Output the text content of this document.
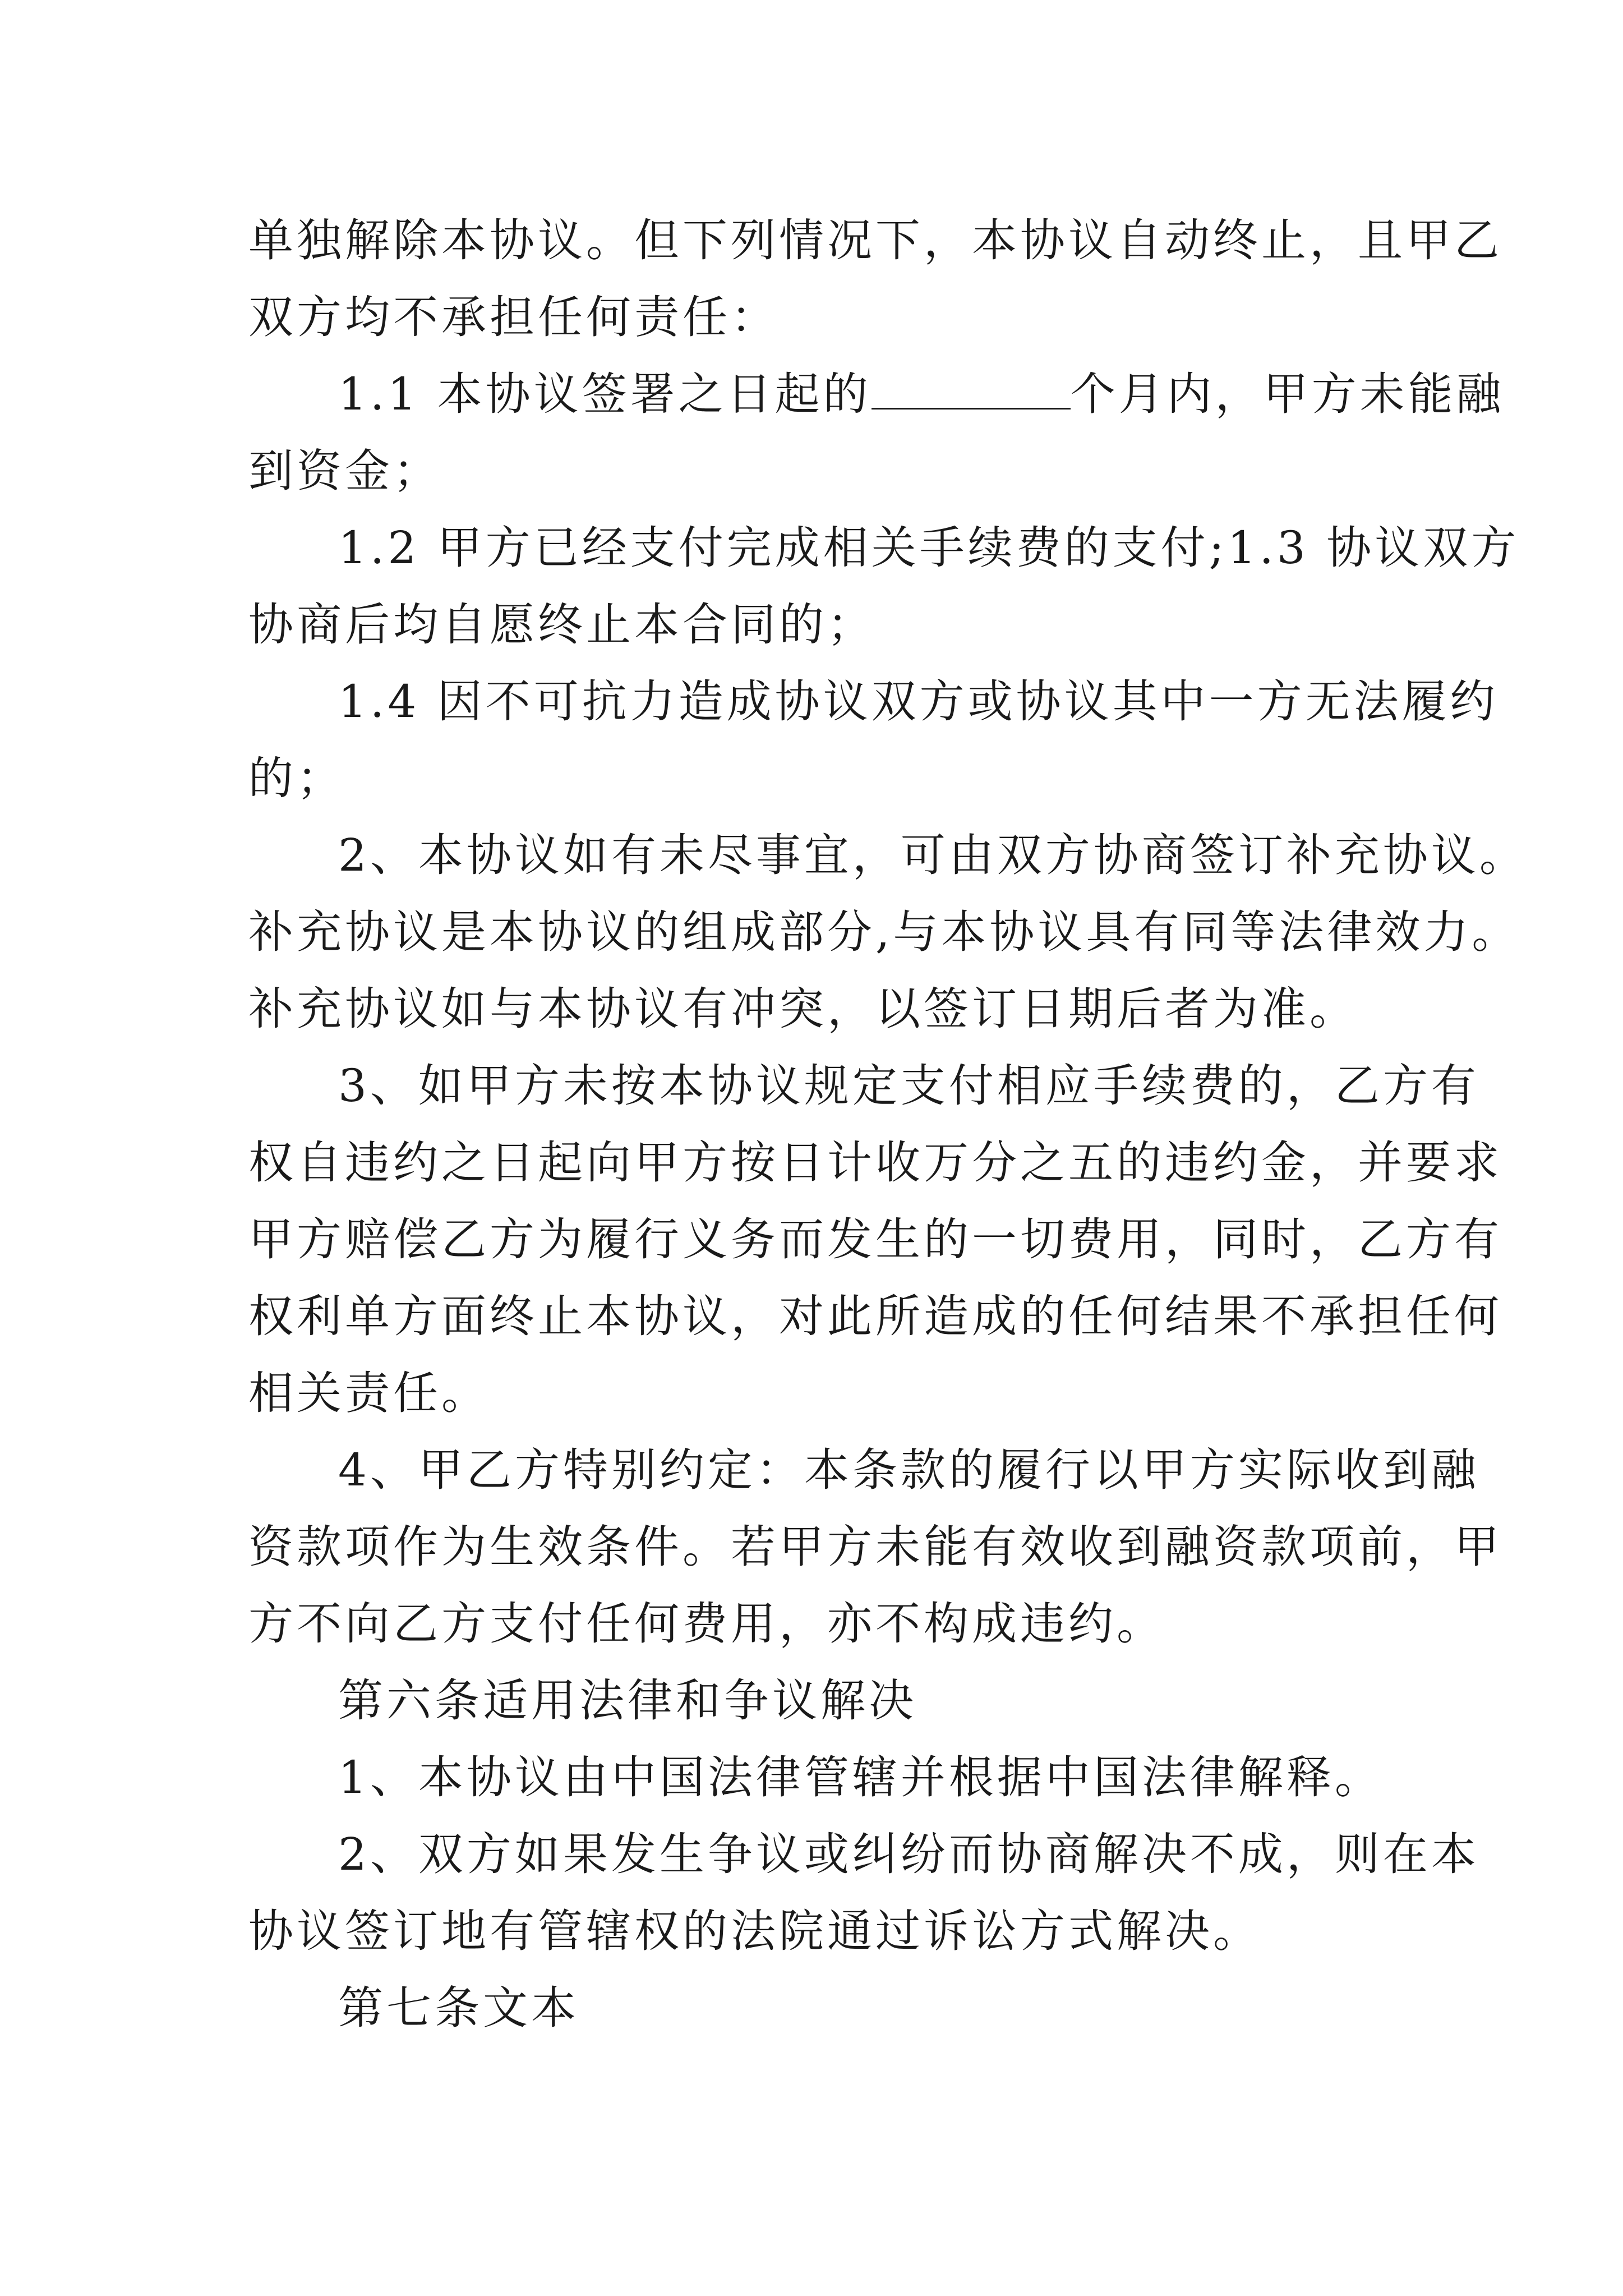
单独解除本协议。但下列情况下，本协议自动终止，且甲乙
双方均不承担任何责任：
1.1 本协议签署之日起的	个月内，甲方未能融
到资金；
1.2 甲方已经支付完成相关手续费的支付;1.3 协议双方
协商后均自愿终止本合同的；
1.4 因不可抗力造成协议双方或协议其中一方无法履约
的；
2、本协议如有未尽事宜，可由双方协商签订补充协议。
补充协议是本协议的组成部分,与本协议具有同等法律效力。
补充协议如与本协议有冲突，以签订日期后者为准。
3、如甲方未按本协议规定支付相应手续费的，乙方有
权自违约之日起向甲方按日计收万分之五的违约金，并要求
甲方赔偿乙方为履行义务而发生的一切费用，同时，乙方有
权利单方面终止本协议，对此所造成的任何结果不承担任何
相关责任。
4、甲乙方特别约定：本条款的履行以甲方实际收到融
资款项作为生效条件。若甲方未能有效收到融资款项前，甲
方不向乙方支付任何费用，亦不构成违约。
第六条适用法律和争议解决
1、本协议由中国法律管辖并根据中国法律解释。
2、双方如果发生争议或纠纷而协商解决不成，则在本
协议签订地有管辖权的法院通过诉讼方式解决。
第七条文本
